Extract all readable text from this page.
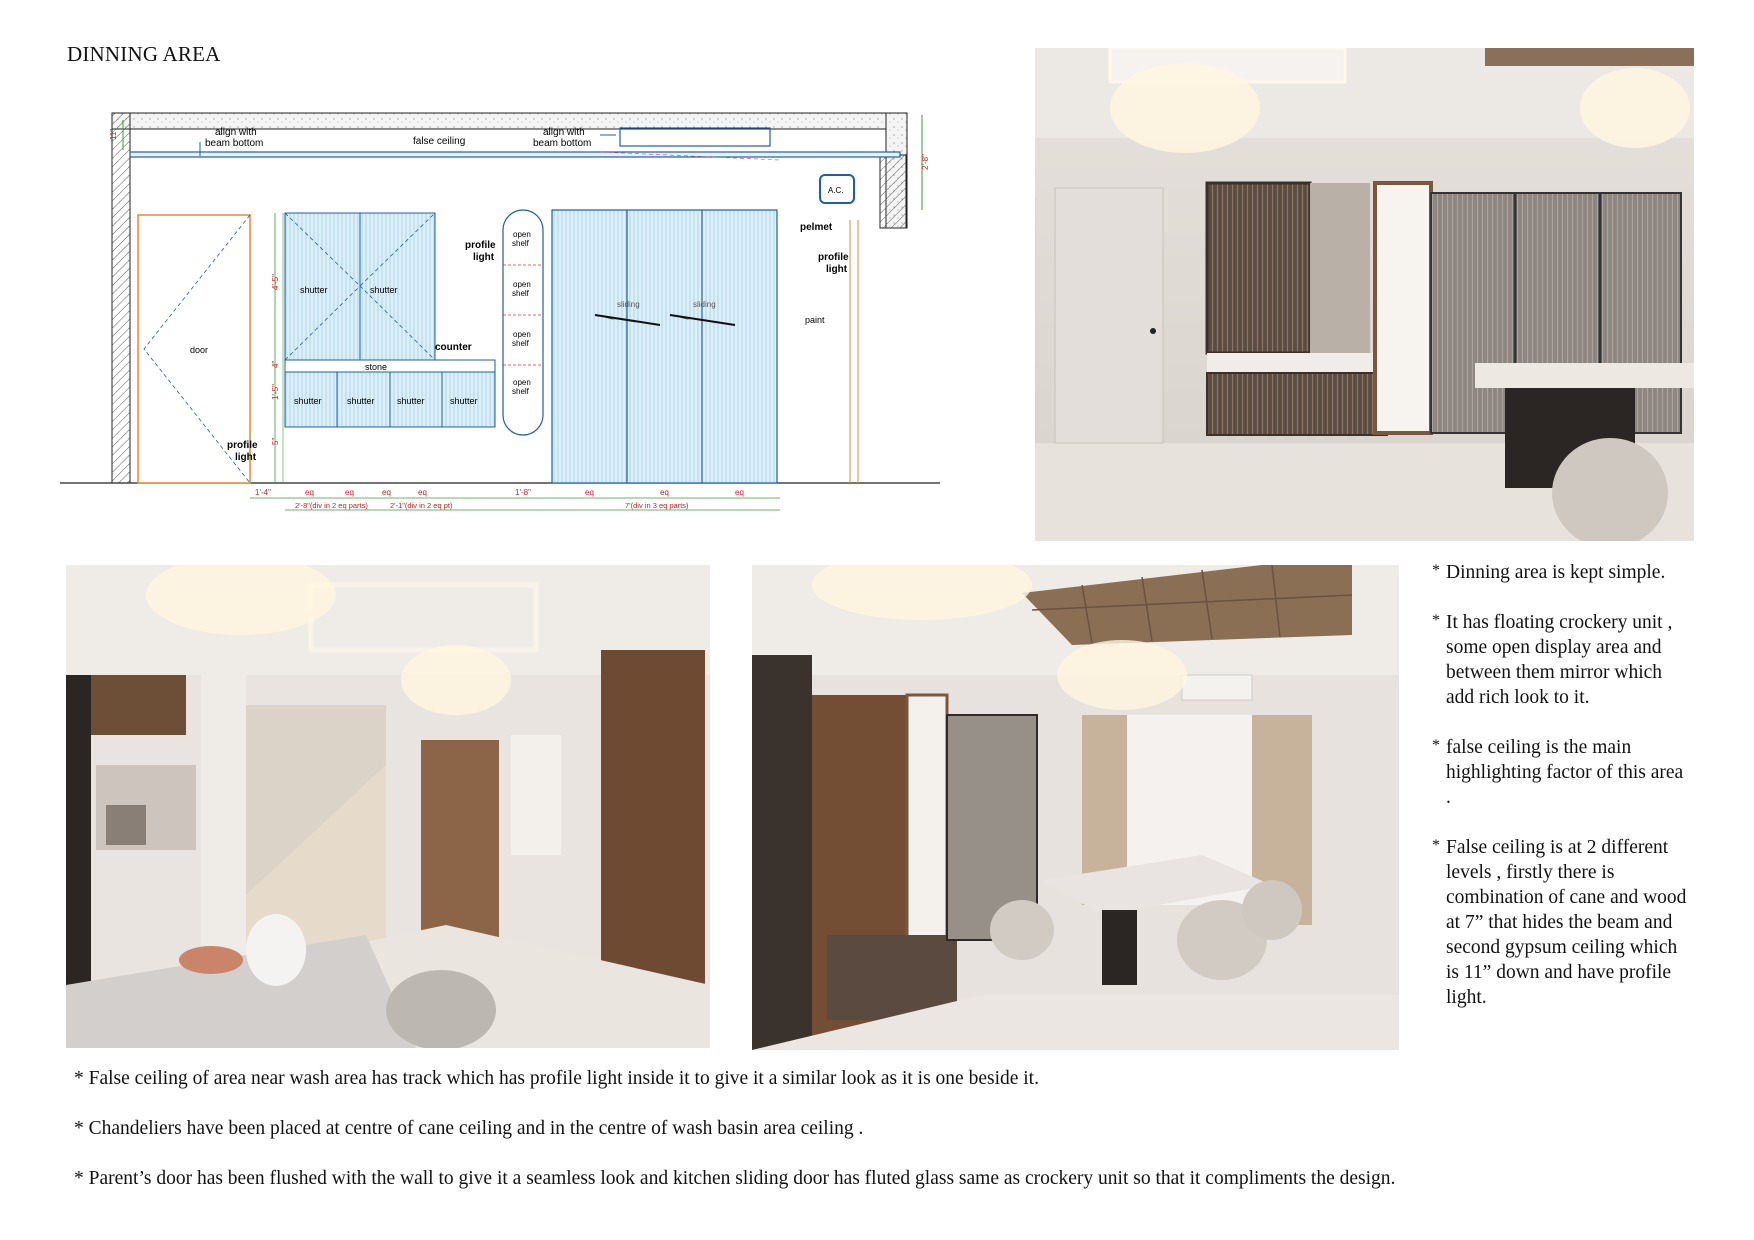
DINNING AREA
align with
beam bottom	false ceiling
align with
beam bottom
A.C.
pelmet
profile
light
door
profile
light
shutter	shutter
stone
counter
shutter	shutter shutter	shutter
profile
light
open
shelf
open
shelf
open
shelf
open
shelf
sliding	sliding
paint
11"
4'-5"
4"
1'-5"
5"
2'-8"
1'-4"	eq	eq	eq	eq	1'-8"	eq	eq	eq
2'-8"(div in 2 eq parts)	2'-1"(div in 2 eq pt)	7'(div in 3 eq parts)
* Dinning area is kept simple.
* It has floating crockery unit , some open display area and between them mirror which add rich look to it.
* false ceiling is the main highlighting factor of this area .
* False ceiling is at 2 different levels , firstly there is combination of cane and wood at 7” that hides the beam and second gypsum ceiling which is 11” down and have profile light.
* False ceiling of area near wash area has track which has profile light inside it to give it a similar look as it is one beside it.
* Chandeliers have been placed at centre of cane ceiling and in the centre of wash basin area ceiling .
* Parent’s door has been flushed with the wall to give it a seamless look and kitchen sliding door has fluted glass same as crockery unit so that it compliments the design.
